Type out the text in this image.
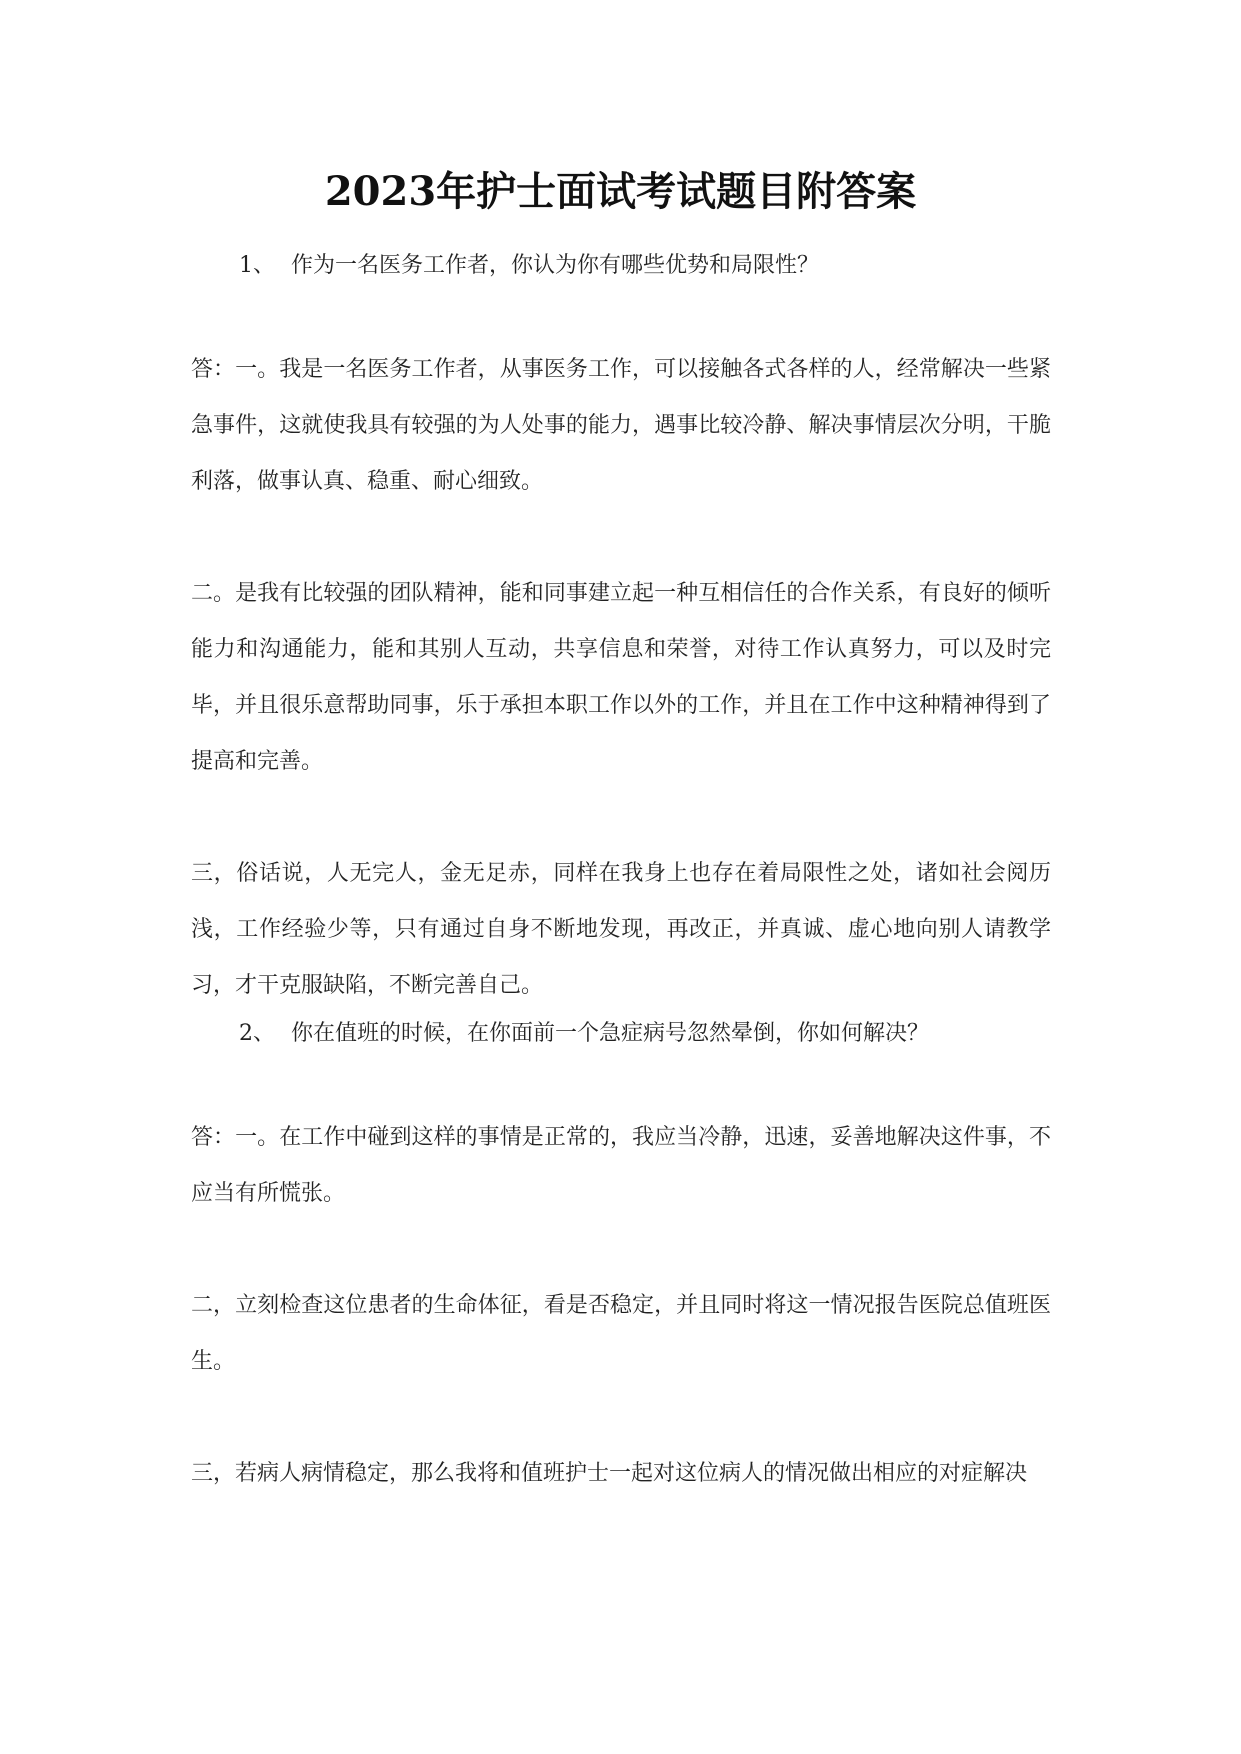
2023年护士面试考试题目附答案

1、 作为一名医务工作者，你认为你有哪些优势和局限性？

答：一。我是一名医务工作者，从事医务工作，可以接触各式各样的人，经常解决一些紧急事件，这就使我具有较强的为人处事的能力，遇事比较冷静、解决事情层次分明，干脆利落，做事认真、稳重、耐心细致。

二。是我有比较强的团队精神，能和同事建立起一种互相信任的合作关系，有良好的倾听能力和沟通能力，能和其别人互动，共享信息和荣誉，对待工作认真努力，可以及时完毕，并且很乐意帮助同事，乐于承担本职工作以外的工作，并且在工作中这种精神得到了提高和完善。

三，俗话说，人无完人，金无足赤，同样在我身上也存在着局限性之处，诸如社会阅历浅，工作经验少等，只有通过自身不断地发现，再改正，并真诚、虚心地向别人请教学习，才干克服缺陷，不断完善自己。

2、 你在值班的时候，在你面前一个急症病号忽然晕倒，你如何解决？

答：一。在工作中碰到这样的事情是正常的，我应当冷静，迅速，妥善地解决这件事，不应当有所慌张。

二，立刻检查这位患者的生命体征，看是否稳定，并且同时将这一情况报告医院总值班医生。

三，若病人病情稳定，那么我将和值班护士一起对这位病人的情况做出相应的对症解决
